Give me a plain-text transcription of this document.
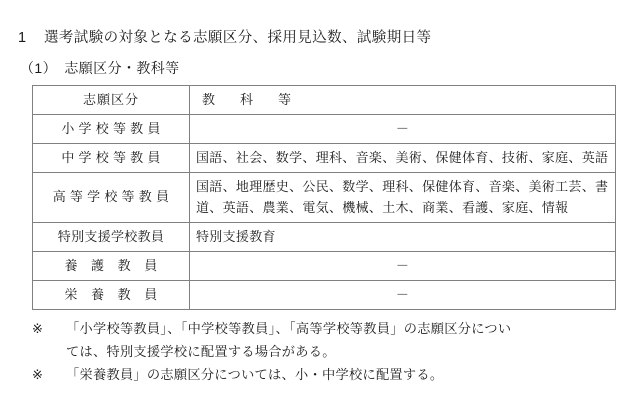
1	選考試験の対象となる志願区分、採用見込数、試験期日等
（1）　志願区分・教科等
志願区分	教　科　等
小 学 校 等 教 員	－
中 学 校 等 教 員	国語、社会、数学、理科、音楽、美術、保健体育、技術、家庭、英語
高 等 学 校 等 教 員	国語、地理歴史、公民、数学、理科、保健体育、音楽、美術工芸、書道、英語、農業、電気、機械、土木、商業、看護、家庭、情報
特別支援学校教員	特別支援教育
養　護　教　員	－
栄　養　教　員	－
※	「小学校等教員」、「中学校等教員」、「高等学校等教員」の志願区分につい
ては、特別支援学校に配置する場合がある。
※	「栄養教員」の志願区分については、小・中学校に配置する。
